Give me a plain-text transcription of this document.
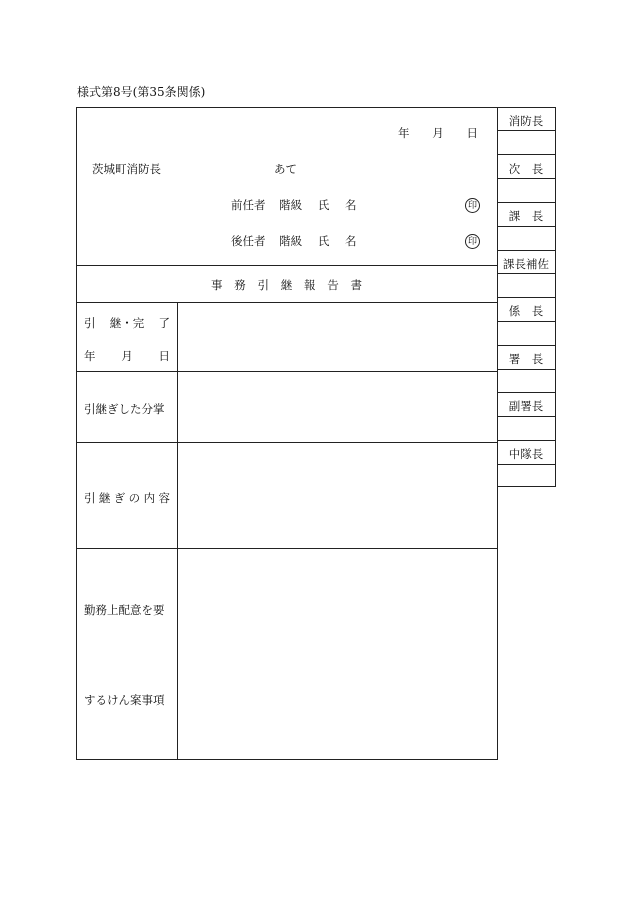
様式第8号(第35条関係)
年 月 日
茨城町消防長	あて
前任者 階級 氏 名	印
後任者 階級 氏 名	印
事 務 引 継 報 告 書
引 継・完 了
年 月 日
引継ぎした分掌
引 継 ぎ の 内 容
勤務上配意を要
するけん案事項
消防長
次　長
課　長
課長補佐
係　長
署　長
副署長
中隊長
